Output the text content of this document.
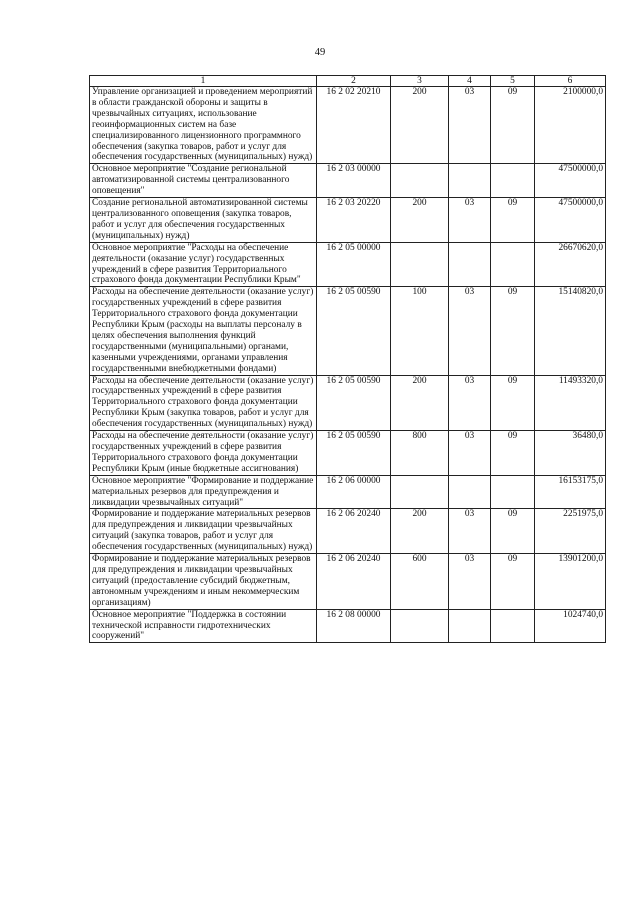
49
1	2	3	4	5	6
Управление организацией и проведением мероприятий в области гражданской обороны и защиты в чрезвычайных ситуациях, использование геоинформационных систем на базе специализированного лицензионного программного обеспечения (закупка товаров, работ и услуг для обеспечения государственных (муниципальных) нужд)	16 2 02 20210	200	03	09	2100000,0
Основное мероприятие "Создание региональной автоматизированной системы централизованного оповещения"	16 2 03 00000				47500000,0
Создание региональной автоматизированной системы централизованного оповещения (закупка товаров, работ и услуг для обеспечения государственных (муниципальных) нужд)	16 2 03 20220	200	03	09	47500000,0
Основное мероприятие "Расходы на обеспечение деятельности (оказание услуг) государственных учреждений в сфере развития Территориального страхового фонда документации Республики Крым"	16 2 05 00000				26670620,0
Расходы на обеспечение деятельности (оказание услуг) государственных учреждений в сфере развития Территориального страхового фонда документации Республики Крым (расходы на выплаты персоналу в целях обеспечения выполнения функций государственными (муниципальными) органами, казенными учреждениями, органами управления государственными внебюджетными фондами)	16 2 05 00590	100	03	09	15140820,0
Расходы на обеспечение деятельности (оказание услуг) государственных учреждений в сфере развития Территориального страхового фонда документации Республики Крым (закупка товаров, работ и услуг для обеспечения государственных (муниципальных) нужд)	16 2 05 00590	200	03	09	11493320,0
Расходы на обеспечение деятельности (оказание услуг) государственных учреждений в сфере развития Территориального страхового фонда документации Республики Крым (иные бюджетные ассигнования)	16 2 05 00590	800	03	09	36480,0
Основное мероприятие "Формирование и поддержание материальных резервов для предупреждения и ликвидации чрезвычайных ситуаций"	16 2 06 00000				16153175,0
Формирование и поддержание материальных резервов для предупреждения и ликвидации чрезвычайных ситуаций (закупка товаров, работ и услуг для обеспечения государственных (муниципальных) нужд)	16 2 06 20240	200	03	09	2251975,0
Формирование и поддержание материальных резервов для предупреждения и ликвидации чрезвычайных ситуаций (предоставление субсидий бюджетным, автономным учреждениям и иным некоммерческим организациям)	16 2 06 20240	600	03	09	13901200,0
Основное мероприятие "Поддержка в состоянии технической исправности гидротехнических сооружений"	16 2 08 00000				1024740,0
